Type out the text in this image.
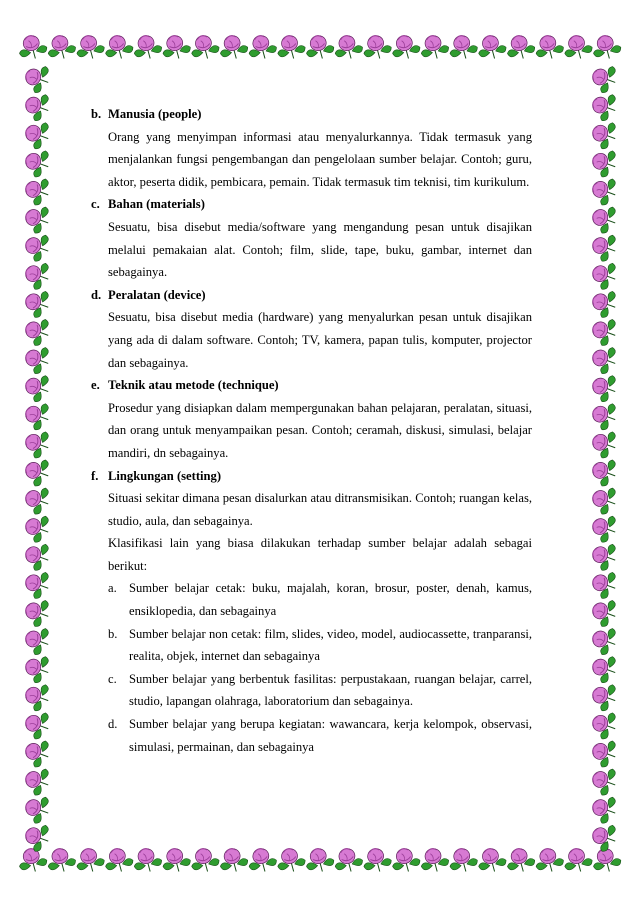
b. Manusia (people)
Orang yang menyimpan informasi atau menyalurkannya. Tidak termasuk yang menjalankan fungsi pengembangan dan pengelolaan sumber belajar. Contoh; guru, aktor, peserta didik, pembicara, pemain. Tidak termasuk tim teknisi, tim kurikulum.
c. Bahan (materials)
Sesuatu, bisa disebut media/software yang mengandung pesan untuk disajikan melalui pemakaian alat. Contoh; film, slide, tape, buku, gambar, internet dan sebagainya.
d. Peralatan (device)
Sesuatu, bisa disebut media (hardware) yang menyalurkan pesan untuk disajikan yang ada di dalam software. Contoh; TV, kamera, papan tulis, komputer, projector dan sebagainya.
e. Teknik atau metode (technique)
Prosedur yang disiapkan dalam mempergunakan bahan pelajaran, peralatan, situasi, dan orang untuk menyampaikan pesan. Contoh; ceramah, diskusi, simulasi, belajar mandiri, dn sebagainya.
f. Lingkungan (setting)
Situasi sekitar dimana pesan disalurkan atau ditransmisikan. Contoh; ruangan kelas, studio, aula, dan sebagainya.
Klasifikasi lain yang biasa dilakukan terhadap sumber belajar adalah sebagai berikut:
a. Sumber belajar cetak: buku, majalah, koran, brosur, poster, denah, kamus, ensiklopedia, dan sebagainya
b. Sumber belajar non cetak: film, slides, video, model, audiocassette, tranparansi, realita, objek, internet dan sebagainya
c. Sumber belajar yang berbentuk fasilitas: perpustakaan, ruangan belajar, carrel, studio, lapangan olahraga, laboratorium dan sebagainya.
d. Sumber belajar yang berupa kegiatan: wawancara, kerja kelompok, observasi, simulasi, permainan, dan sebagainya
